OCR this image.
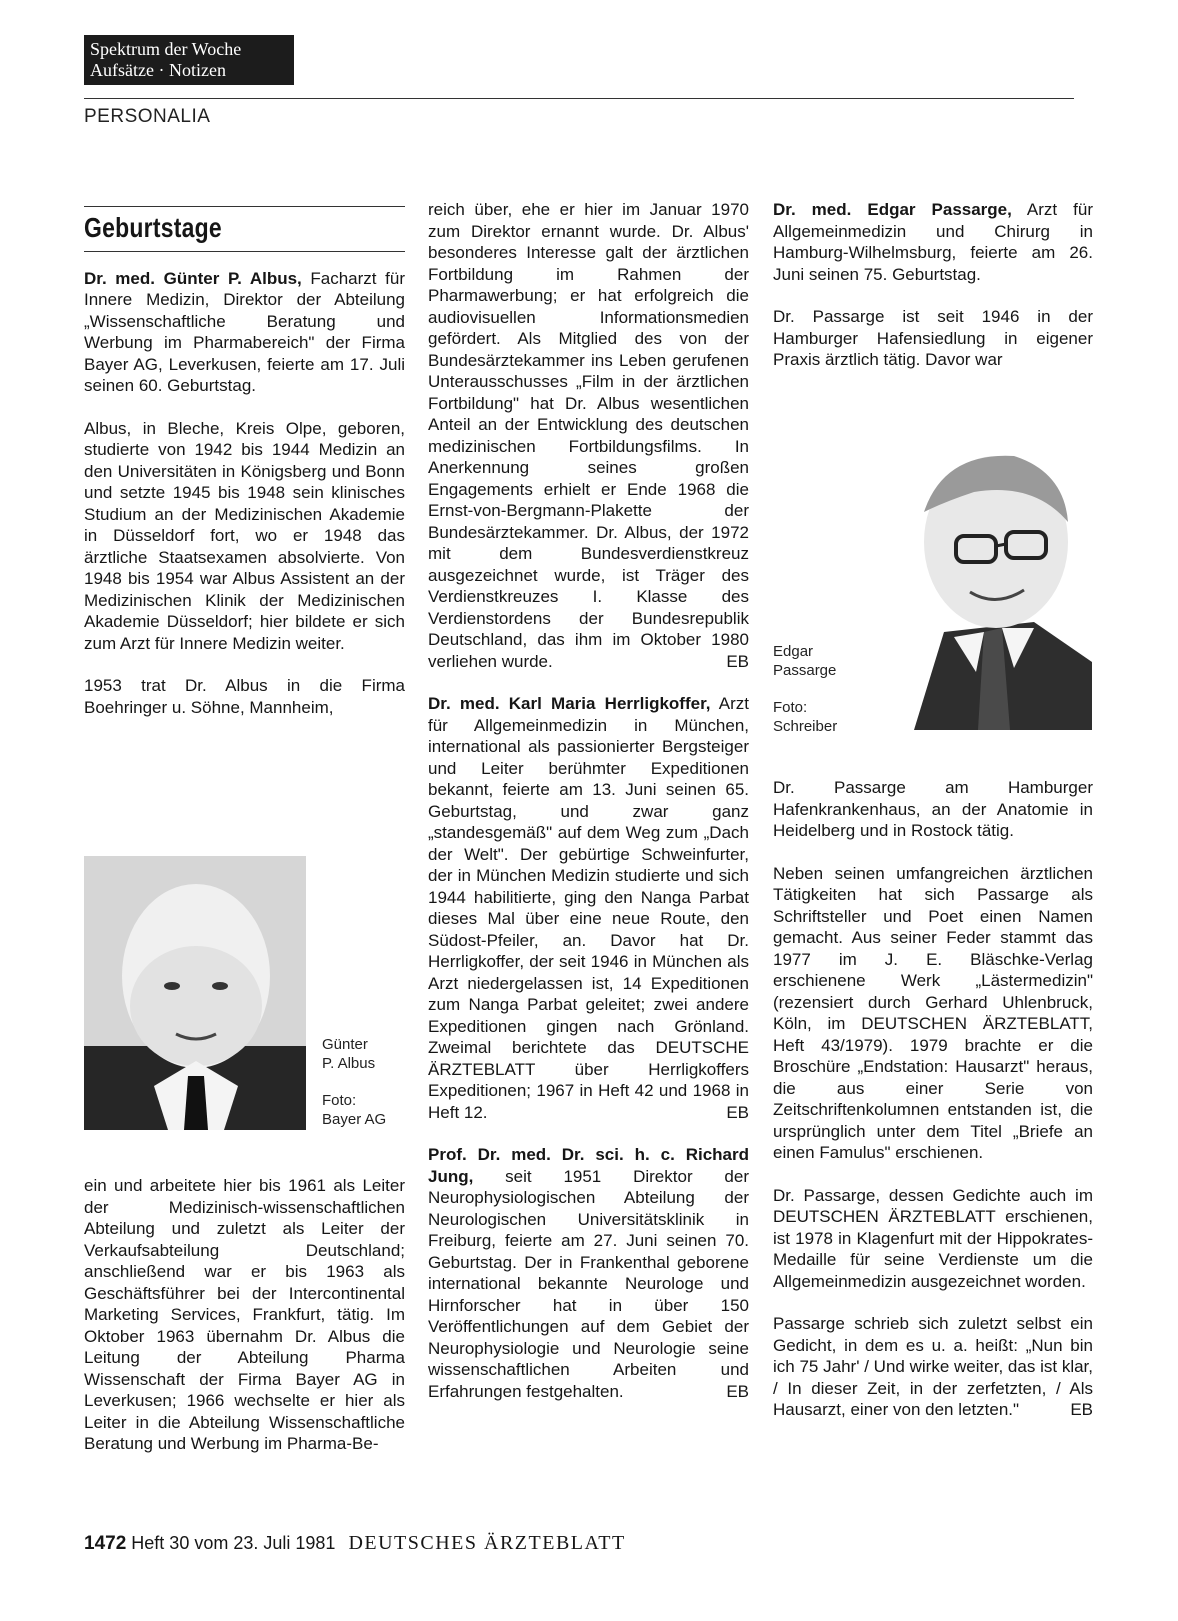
Spektrum der Woche
Aufsätze · Notizen
PERSONALIA
Geburtstage

Dr. med. Günter P. Albus, Facharzt für Innere Medizin, Direktor der Abteilung „Wissenschaftliche Beratung und Werbung im Pharmabereich" der Firma Bayer AG, Leverkusen, feierte am 17. Juli seinen 60. Geburtstag.

Albus, in Bleche, Kreis Olpe, geboren, studierte von 1942 bis 1944 Medizin an den Universitäten in Königsberg und Bonn und setzte 1945 bis 1948 sein klinisches Studium an der Medizinischen Akademie in Düsseldorf fort, wo er 1948 das ärztliche Staatsexamen absolvierte. Von 1948 bis 1954 war Albus Assistent an der Medizinischen Klinik der Medizinischen Akademie Düsseldorf; hier bildete er sich zum Arzt für Innere Medizin weiter.

1953 trat Dr. Albus in die Firma Boehringer u. Söhne, Mannheim,

Günter
P. Albus
Foto:
Bayer AG

ein und arbeitete hier bis 1961 als Leiter der Medizinisch-wissenschaftlichen Abteilung und zuletzt als Leiter der Verkaufsabteilung Deutschland; anschließend war er bis 1963 als Geschäftsführer bei der Intercontinental Marketing Services, Frankfurt, tätig. Im Oktober 1963 übernahm Dr. Albus die Leitung der Abteilung Pharma Wissenschaft der Firma Bayer AG in Leverkusen; 1966 wechselte er hier als Leiter in die Abteilung Wissenschaftliche Beratung und Werbung im Pharma-Be-

reich über, ehe er hier im Januar 1970 zum Direktor ernannt wurde. Dr. Albus' besonderes Interesse galt der ärztlichen Fortbildung im Rahmen der Pharmawerbung; er hat erfolgreich die audiovisuellen Informationsmedien gefördert. Als Mitglied des von der Bundesärztekammer ins Leben gerufenen Unterausschusses „Film in der ärztlichen Fortbildung" hat Dr. Albus wesentlichen Anteil an der Entwicklung des deutschen medizinischen Fortbildungsfilms. In Anerkennung seines großen Engagements erhielt er Ende 1968 die Ernst-von-Bergmann-Plakette der Bundesärztekammer. Dr. Albus, der 1972 mit dem Bundesverdienstkreuz ausgezeichnet wurde, ist Träger des Verdienstkreuzes I. Klasse des Verdienstordens der Bundesrepublik Deutschland, das ihm im Oktober 1980 verliehen wurde.	EB

Dr. med. Karl Maria Herrligkoffer, Arzt für Allgemeinmedizin in München, international als passionierter Bergsteiger und Leiter berühmter Expeditionen bekannt, feierte am 13. Juni seinen 65. Geburtstag, und zwar ganz „standesgemäß" auf dem Weg zum „Dach der Welt". Der gebürtige Schweinfurter, der in München Medizin studierte und sich 1944 habilitierte, ging den Nanga Parbat dieses Mal über eine neue Route, den Südost-Pfeiler, an. Davor hat Dr. Herrligkoffer, der seit 1946 in München als Arzt niedergelassen ist, 14 Expeditionen zum Nanga Parbat geleitet; zwei andere Expeditionen gingen nach Grönland. Zweimal berichtete das DEUTSCHE ÄRZTEBLATT über Herrligkoffers Expeditionen; 1967 in Heft 42 und 1968 in Heft 12.	EB

Prof. Dr. med. Dr. sci. h. c. Richard Jung, seit 1951 Direktor der Neurophysiologischen Abteilung der Neurologischen Universitätsklinik in Freiburg, feierte am 27. Juni seinen 70. Geburtstag. Der in Frankenthal geborene international bekannte Neurologe und Hirnforscher hat in über 150 Veröffentlichungen auf dem Gebiet der Neurophysiologie und Neurologie seine wissenschaftlichen Arbeiten und Erfahrungen festgehalten.	EB

Dr. med. Edgar Passarge, Arzt für Allgemeinmedizin und Chirurg in Hamburg-Wilhelmsburg, feierte am 26. Juni seinen 75. Geburtstag.

Dr. Passarge ist seit 1946 in der Hamburger Hafensiedlung in eigener Praxis ärztlich tätig. Davor war

Edgar
Passarge
Foto:
Schreiber

Dr. Passarge am Hamburger Hafenkrankenhaus, an der Anatomie in Heidelberg und in Rostock tätig.

Neben seinen umfangreichen ärztlichen Tätigkeiten hat sich Passarge als Schriftsteller und Poet einen Namen gemacht. Aus seiner Feder stammt das 1977 im J. E. Bläschke-Verlag erschienene Werk „Lästermedizin" (rezensiert durch Gerhard Uhlenbruck, Köln, im DEUTSCHEN ÄRZTEBLATT, Heft 43/1979). 1979 brachte er die Broschüre „Endstation: Hausarzt" heraus, die aus einer Serie von Zeitschriftenkolumnen entstanden ist, die ursprünglich unter dem Titel „Briefe an einen Famulus" erschienen.

Dr. Passarge, dessen Gedichte auch im DEUTSCHEN ÄRZTEBLATT erschienen, ist 1978 in Klagenfurt mit der Hippokrates-Medaille für seine Verdienste um die Allgemeinmedizin ausgezeichnet worden.

Passarge schrieb sich zuletzt selbst ein Gedicht, in dem es u. a. heißt: „Nun bin ich 75 Jahr' / Und wirke weiter, das ist klar, / In dieser Zeit, in der zerfetzten, / Als Hausarzt, einer von den letzten."	EB

1472 Heft 30 vom 23. Juli 1981 DEUTSCHES ÄRZTEBLATT
